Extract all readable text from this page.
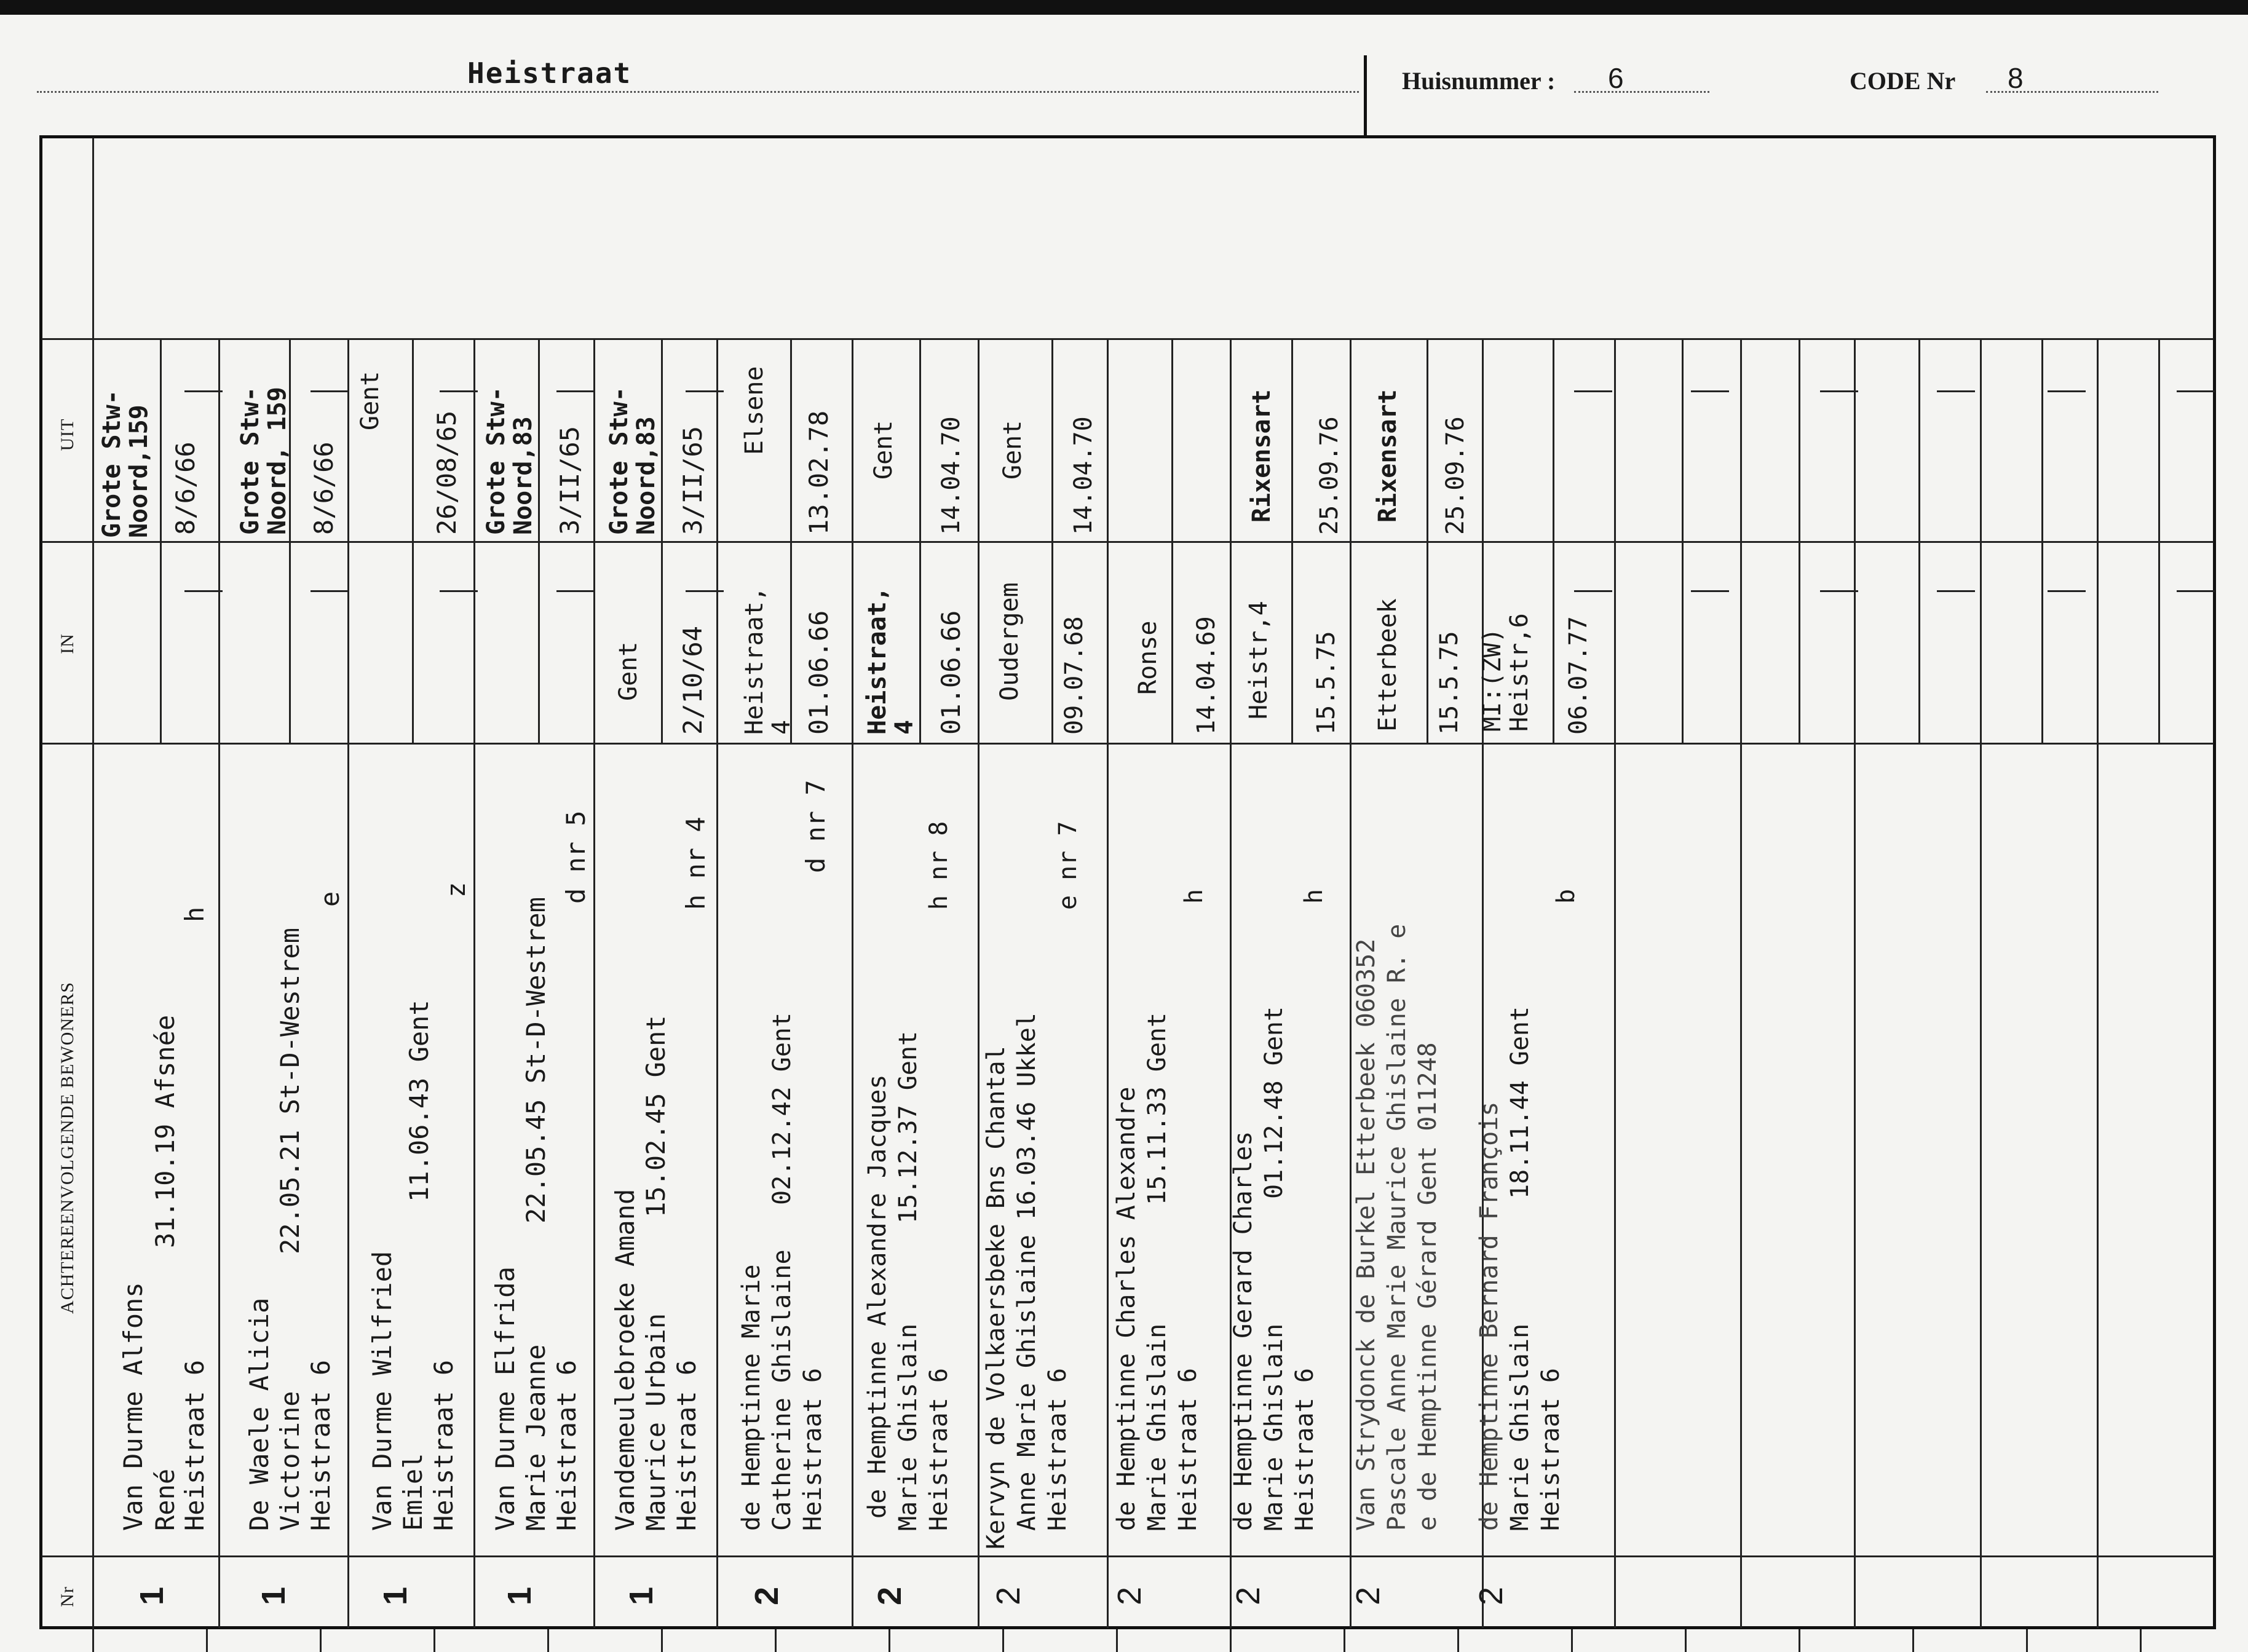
Heistraat	Huisnummer : 6	CODE Nr 8
UIT
IN
ACHTEREENVOLGENDE BEWONERS
Nr 1
Van Durme Alfons René Heistraat 6
31.10.19 Afsnée
h
Grote Stw-
Noord,159 8/6/66
1
De Waele Alicia Victorine Heistraat 6
22.05.21 St-D-Westrem
e
Grote Stw-
Noord, 159
8/6/66
1
Van Durme Wilfried Emiel Heistraat 6
11.06.43 Gent
z
Gent
26/08/65
1
Van Durme Elfrida Marie Jeanne Heistraat 6
22.05.45 St-D-Westrem
d nr 5
Grote Stw-
Noord,83 3/II/65
1
Vandemeulebroeke Amand Maurice Urbain Heistraat 6
15.02.45 Gent
h nr 4
Gent 2/10/64
Grote Stw-
Noord,83 3/II/65
2
de Hemptinne Marie Catherine Ghislaine Heistraat 6
02.12.42 Gent
d nr 7
Heistraat,
4 01.06.66
Elsene 13.02.78
2
de Hemptinne Alexandre Jacques Marie Ghislain Heistraat 6
15.12.37 Gent
h nr 8
Heistraat,
4 01.06.66
Gent 14.04.70
2
Kervyn de Volkaersbeke Bns Chantal Anne Marie Ghislaine 16.03.46 Ukkel Heistraat 6
e nr 7
Oudergem 09.07.68
Gent 14.04.70
2
de Hemptinne Charles Alexandre Marie Ghislain Heistraat 6
15.11.33 Gent
h
Ronse 14.04.69
2
de Hemptinne Gerard Charles Marie Ghislain Heistraat 6
01.12.48 Gent
h
Heistr,4 15.5.75
Rixensart 25.09.76
2
Van Strydonck de Burkel Etterbeek 060352 Pascale Anne Marie Maurice Ghislaine R. e e de Hemptinne Gérard Gent 011248
Etterbeek 15.5.75
Rixensart 25.09.76
2
de Hemptinne Bernard François Marie Ghislain Heistraat 6
18.11.44 Gent
b
MI:(ZW)
Heistr,6 06.07.77
